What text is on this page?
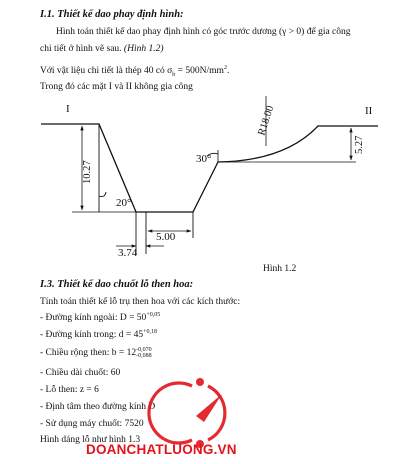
I.1. Thiết kế dao phay định hình:
Hình toán thiết kế dao phay định hình có góc trước dương (γ > 0) để gia công
chi tiết ở hình vẽ sau. (Hình 1.2)
Với vật liệu chi tiết là thép 40 có $\sigma_b = 500N/mm^2$.
Trong đó các mặt I và II không gia công
I	II
10.27
5.27
20°
30°
R18.00
3.74
5.00
Hình 1.2
I.3. Thiết kế dao chuốt lỗ then hoa:
Tính toán thiết kế lỗ trụ then hoa với các kích thước:
- Đường kính ngoài: $D = 50^{+0,05}$
- Đường kính trong: $d = 45^{+0,18}$
- Chiều rộng then: b = 12-0,070
-0,088
- Chiều dài chuốt: 60
- Lỗ then: z = 6
- Định tâm theo đường kính D
- Sử dụng máy chuốt: 7520
Hình dáng lỗ như hình 1.3
DOANCHATLUONG.VN
